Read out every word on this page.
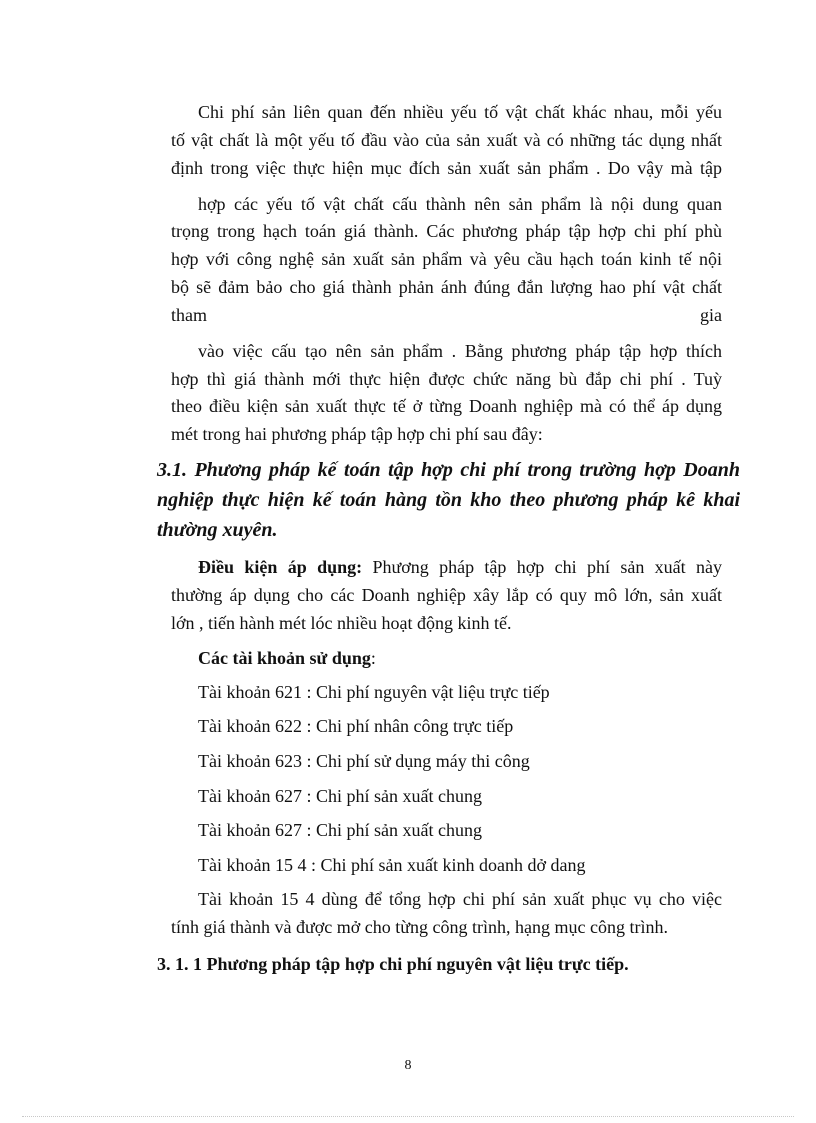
Chi phí sản liên quan đến nhiều yếu tố vật chất khác nhau, mỗi yếu
tố vật chất là một yếu tố đầu vào của sản xuất và có những tác dụng nhất
định trong việc thực hiện mục đích sản xuất sản phẩm . Do vậy mà tập
hợp các yếu tố vật chất cấu thành nên sản phẩm là nội dung quan
trọng trong hạch toán giá thành. Các phương pháp tập hợp chi phí phù
hợp với công nghệ sản xuất sản phẩm và yêu cầu hạch toán kinh tế nội
bộ sẽ đảm bảo cho giá thành phản ánh đúng đắn lượng hao phí vật chất
tham	gia
vào việc cấu tạo nên sản phẩm . Bằng phương pháp tập hợp thích
hợp thì giá thành mới thực hiện được chức năng bù đắp chi phí . Tuỳ
theo điều kiện sản xuất thực tế ở từng Doanh nghiệp mà có thể áp dụng
mét trong hai phương pháp tập hợp chi phí sau đây:
3.1. Phương pháp kế toán tập hợp chi phí trong trường hợp Doanh
nghiệp thực hiện kế toán hàng tồn kho theo phương pháp kê khai
thường xuyên.
Điều kiện áp dụng: Phương pháp tập hợp chi phí sản xuất này
thường áp dụng cho các Doanh nghiệp xây lắp có quy mô lớn, sản xuất
lớn , tiến hành mét lóc nhiều hoạt động kinh tế.
Các tài khoản sử dụng:
Tài khoản 621 : Chi phí nguyên vật liệu trực tiếp
Tài khoản 622 : Chi phí nhân công trực tiếp
Tài khoản 623 : Chi phí sử dụng máy thi công
Tài khoản 627 : Chi phí sản xuất chung
Tài khoản 627 : Chi phí sản xuất chung
Tài khoản 15 4 : Chi phí sản xuất kinh doanh dở dang
Tài khoản 15 4 dùng để tổng hợp chi phí sản xuất phục vụ cho việc
tính giá thành và được mở cho từng công trình, hạng mục công trình.
3. 1. 1 Phương pháp tập hợp chi phí nguyên vật liệu trực tiếp.
8
